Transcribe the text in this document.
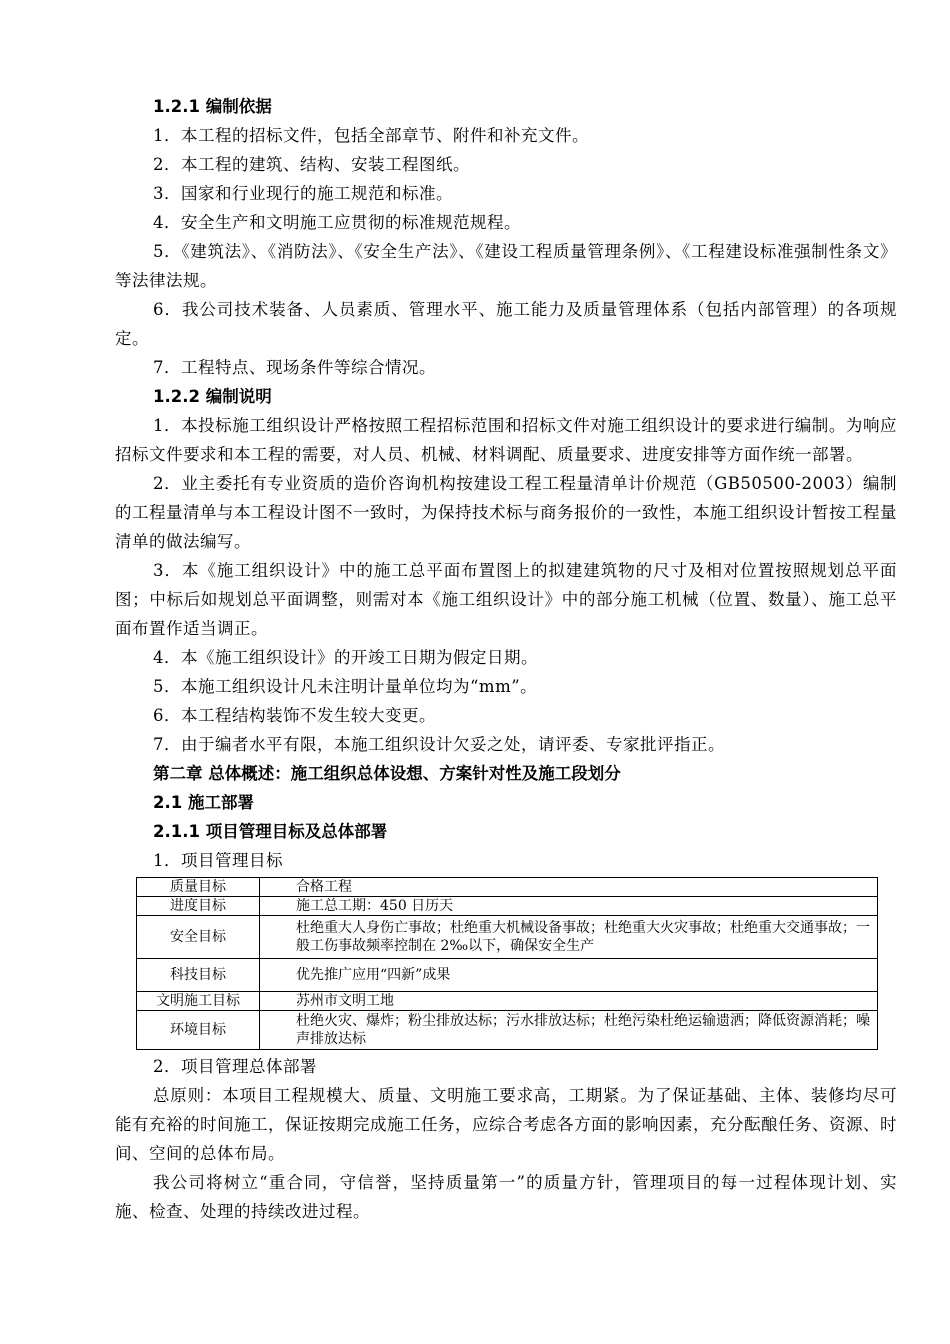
1.2.1 编制依据
1．本工程的招标文件，包括全部章节、附件和补充文件。
2．本工程的建筑、结构、安装工程图纸。
3．国家和行业现行的施工规范和标准。
4．安全生产和文明施工应贯彻的标准规范规程。

5．《建筑法》、《消防法》、《安全生产法》、《建设工程质量管理条例》、《工程建设标准强制性条文》等法律法规。

6．我公司技术装备、人员素质、管理水平、施工能力及质量管理体系（包括内部管理）的各项规定。

7．工程特点、现场条件等综合情况。
1.2.2 编制说明

1．本投标施工组织设计严格按照工程招标范围和招标文件对施工组织设计的要求进行编制。为响应招标文件要求和本工程的需要，对人员、机械、材料调配、质量要求、进度安排等方面作统一部署。

2．业主委托有专业资质的造价咨询机构按建设工程工程量清单计价规范（GB50500-2003）编制的工程量清单与本工程设计图不一致时，为保持技术标与商务报价的一致性，本施工组织设计暂按工程量清单的做法编写。

3．本《施工组织设计》中的施工总平面布置图上的拟建建筑物的尺寸及相对位置按照规划总平面图；中标后如规划总平面调整，则需对本《施工组织设计》中的部分施工机械（位置、数量）、施工总平面布置作适当调正。

4．本《施工组织设计》的开竣工日期为假定日期。
5．本施工组织设计凡未注明计量单位均为“mm”。
6．本工程结构装饰不发生较大变更。
7．由于编者水平有限，本施工组织设计欠妥之处，请评委、专家批评指正。
第二章 总体概述：施工组织总体设想、方案针对性及施工段划分
2.1 施工部署
2.1.1 项目管理目标及总体部署
1．项目管理目标
质量目标	合格工程
进度目标	施工总工期：450 日历天
安全目标	杜绝重大人身伤亡事故；杜绝重大机械设备事故；杜绝重大火灾事故；杜绝重大交通事故；一般工伤事故频率控制在 2‰以下，确保安全生产
科技目标	优先推广应用“四新”成果
文明施工目标	苏州市文明工地
环境目标	杜绝火灾、爆炸；粉尘排放达标；污水排放达标；杜绝污染杜绝运输遗洒；降低资源消耗；噪声排放达标
2．项目管理总体部署

总原则：本项目工程规模大、质量、文明施工要求高，工期紧。为了保证基础、主体、装修均尽可能有充裕的时间施工，保证按期完成施工任务，应综合考虑各方面的影响因素，充分酝酿任务、资源、时间、空间的总体布局。

我公司将树立“重合同，守信誉，坚持质量第一”的质量方针，管理项目的每一过程体现计划、实施、检查、处理的持续改进过程。
